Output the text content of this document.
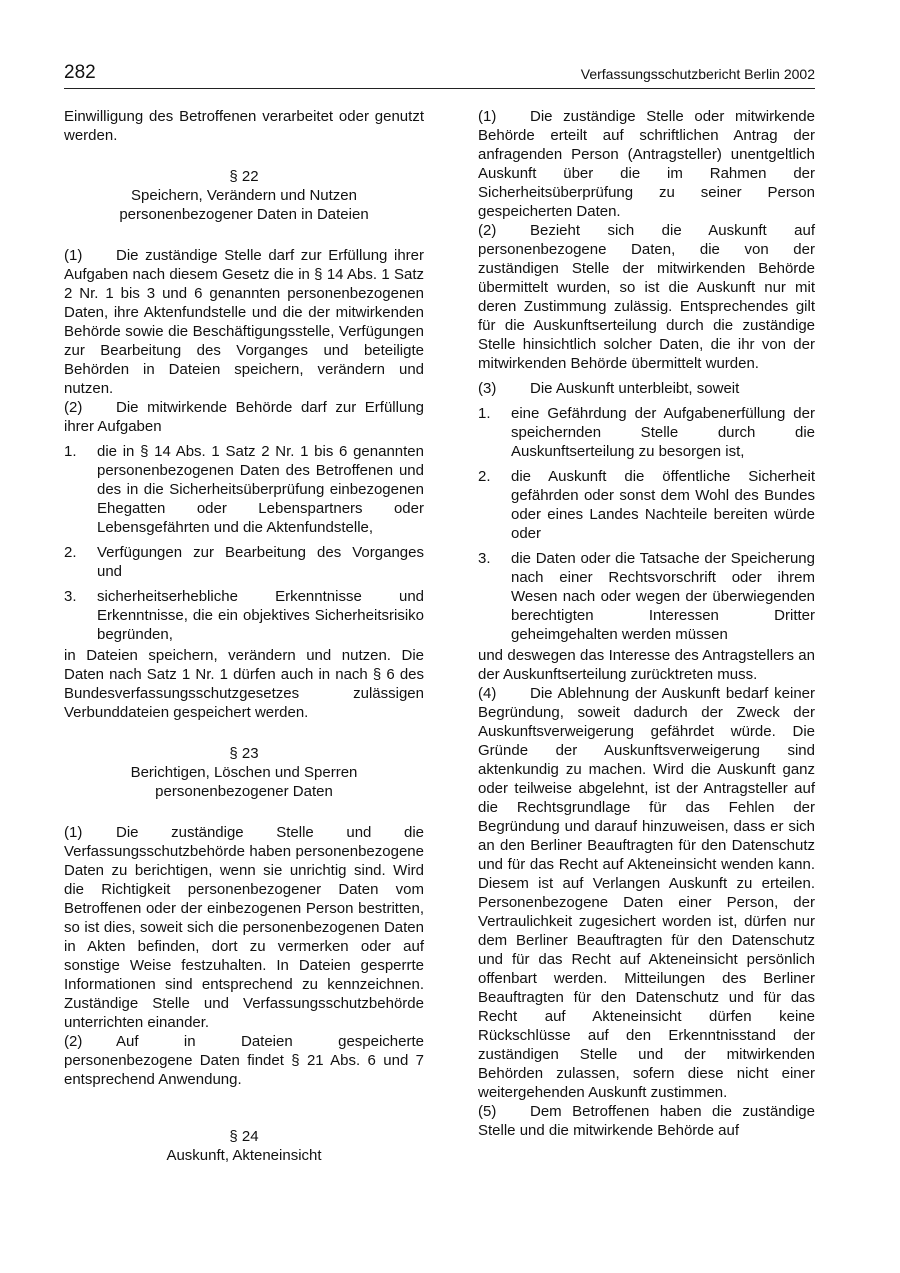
282	Verfassungsschutzbericht Berlin 2002

Einwilligung des Betroffenen verarbeitet oder genutzt werden.

§ 22

Speichern, Verändern und Nutzen

personenbezogener Daten in Dateien

(1) Die zuständige Stelle darf zur Erfüllung ihrer Aufgaben nach diesem Gesetz die in § 14 Abs. 1 Satz 2 Nr. 1 bis 3 und 6 genannten personenbezogenen Daten, ihre Aktenfundstelle und die der mitwirkenden Behörde sowie die Beschäftigungsstelle, Verfügungen zur Bearbeitung des Vorganges und beteiligte Behörden in Dateien speichern, verändern und nutzen.

(2) Die mitwirkende Behörde darf zur Erfüllung ihrer Aufgaben

1. die in § 14 Abs. 1 Satz 2 Nr. 1 bis 6 genannten personenbezogenen Daten des Betroffenen und des in die Sicherheitsüberprüfung einbezogenen Ehegatten oder Lebenspartners oder Lebensgefährten und die Aktenfundstelle,
2. Verfügungen zur Bearbeitung des Vorganges und
3. sicherheitserhebliche Erkenntnisse und Erkenntnisse, die ein objektives Sicherheitsrisiko begründen,

in Dateien speichern, verändern und nutzen. Die Daten nach Satz 1 Nr. 1 dürfen auch in nach § 6 des Bundesverfassungsschutzgesetzes zulässigen Verbunddateien gespeichert werden.

§ 23

Berichtigen, Löschen und Sperren

personenbezogener Daten

(1) Die zuständige Stelle und die Verfassungsschutzbehörde haben personenbezogene Daten zu berichtigen, wenn sie unrichtig sind. Wird die Richtigkeit personenbezogener Daten vom Betroffenen oder der einbezogenen Person bestritten, so ist dies, soweit sich die personenbezogenen Daten in Akten befinden, dort zu vermerken oder auf sonstige Weise festzuhalten. In Dateien gesperrte Informationen sind entsprechend zu kennzeichnen. Zuständige Stelle und Verfassungsschutzbehörde unterrichten einander.

(2) Auf in Dateien gespeicherte personenbezogene Daten findet § 21 Abs. 6 und 7 entsprechend Anwendung.

§ 24

Auskunft, Akteneinsicht

(1) Die zuständige Stelle oder mitwirkende Behörde erteilt auf schriftlichen Antrag der anfragenden Person (Antragsteller) unentgeltlich Auskunft über die im Rahmen der Sicherheitsüberprüfung zu seiner Person gespeicherten Daten.

(2) Bezieht sich die Auskunft auf personenbezogene Daten, die von der zuständigen Stelle der mitwirkenden Behörde übermittelt wurden, so ist die Auskunft nur mit deren Zustimmung zulässig. Entsprechendes gilt für die Auskunftserteilung durch die zuständige Stelle hinsichtlich solcher Daten, die ihr von der mitwirkenden Behörde übermittelt wurden.

(3) Die Auskunft unterbleibt, soweit

1. eine Gefährdung der Aufgabenerfüllung der speichernden Stelle durch die Auskunftserteilung zu besorgen ist,
2. die Auskunft die öffentliche Sicherheit gefährden oder sonst dem Wohl des Bundes oder eines Landes Nachteile bereiten würde oder
3. die Daten oder die Tatsache der Speicherung nach einer Rechtsvorschrift oder ihrem Wesen nach oder wegen der überwiegenden berechtigten Interessen Dritter geheimgehalten werden müssen

und deswegen das Interesse des Antragstellers an der Auskunftserteilung zurücktreten muss.

(4) Die Ablehnung der Auskunft bedarf keiner Begründung, soweit dadurch der Zweck der Auskunftsverweigerung gefährdet würde. Die Gründe der Auskunftsverweigerung sind aktenkundig zu machen. Wird die Auskunft ganz oder teilweise abgelehnt, ist der Antragsteller auf die Rechtsgrundlage für das Fehlen der Begründung und darauf hinzuweisen, dass er sich an den Berliner Beauftragten für den Datenschutz und für das Recht auf Akteneinsicht wenden kann. Diesem ist auf Verlangen Auskunft zu erteilen. Personenbezogene Daten einer Person, der Vertraulichkeit zugesichert worden ist, dürfen nur dem Berliner Beauftragten für den Datenschutz und für das Recht auf Akteneinsicht persönlich offenbart werden. Mitteilungen des Berliner Beauftragten für den Datenschutz und für das Recht auf Akteneinsicht dürfen keine Rückschlüsse auf den Erkenntnisstand der zuständigen Stelle und der mitwirkenden Behörden zulassen, sofern diese nicht einer weitergehenden Auskunft zustimmen.

(5) Dem Betroffenen haben die zuständige Stelle und die mitwirkende Behörde auf
